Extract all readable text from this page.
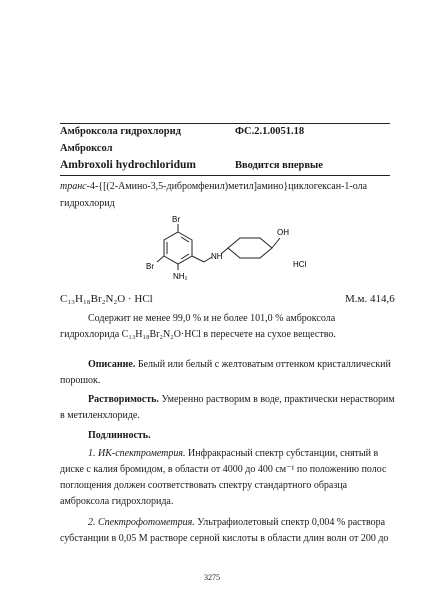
Амброксола гидрохлорид	ФС.2.1.0051.18
Амброксол
Ambroxoli hydrochloridum	Вводится впервые
транс-4-{[(2-Амино-3,5-дибромфенил)метил]амино}циклогексан-1-ола
гидрохлорид
Br
Br
NH₂
NH
OH
HCl
C₁₃H₁₈Br₂N₂O · HCl	М.м. 414,6
Содержит не менее 99,0 % и не более 101,0 % амброксола
гидрохлорида C₁₃H₁₈Br₂N₂O·HCl в пересчете на сухое вещество.
Описание. Белый или белый с желтоватым оттенком кристаллический
порошок.
Растворимость. Умеренно растворим в воде, практически нерастворим
в метиленхлориде.
Подлинность.
1. ИК-спектрометрия. Инфракрасный спектр субстанции, снятый в
диске с калия бромидом, в области от 4000 до 400 см⁻¹ по положению полос
поглощения должен соответствовать спектру стандартного образца
амброксола гидрохлорида.
2. Спектрофотометрия. Ультрафиолетовый спектр 0,004 % раствора
субстанции в 0,05 М растворе серной кислоты в области длин волн от 200 до
3275
